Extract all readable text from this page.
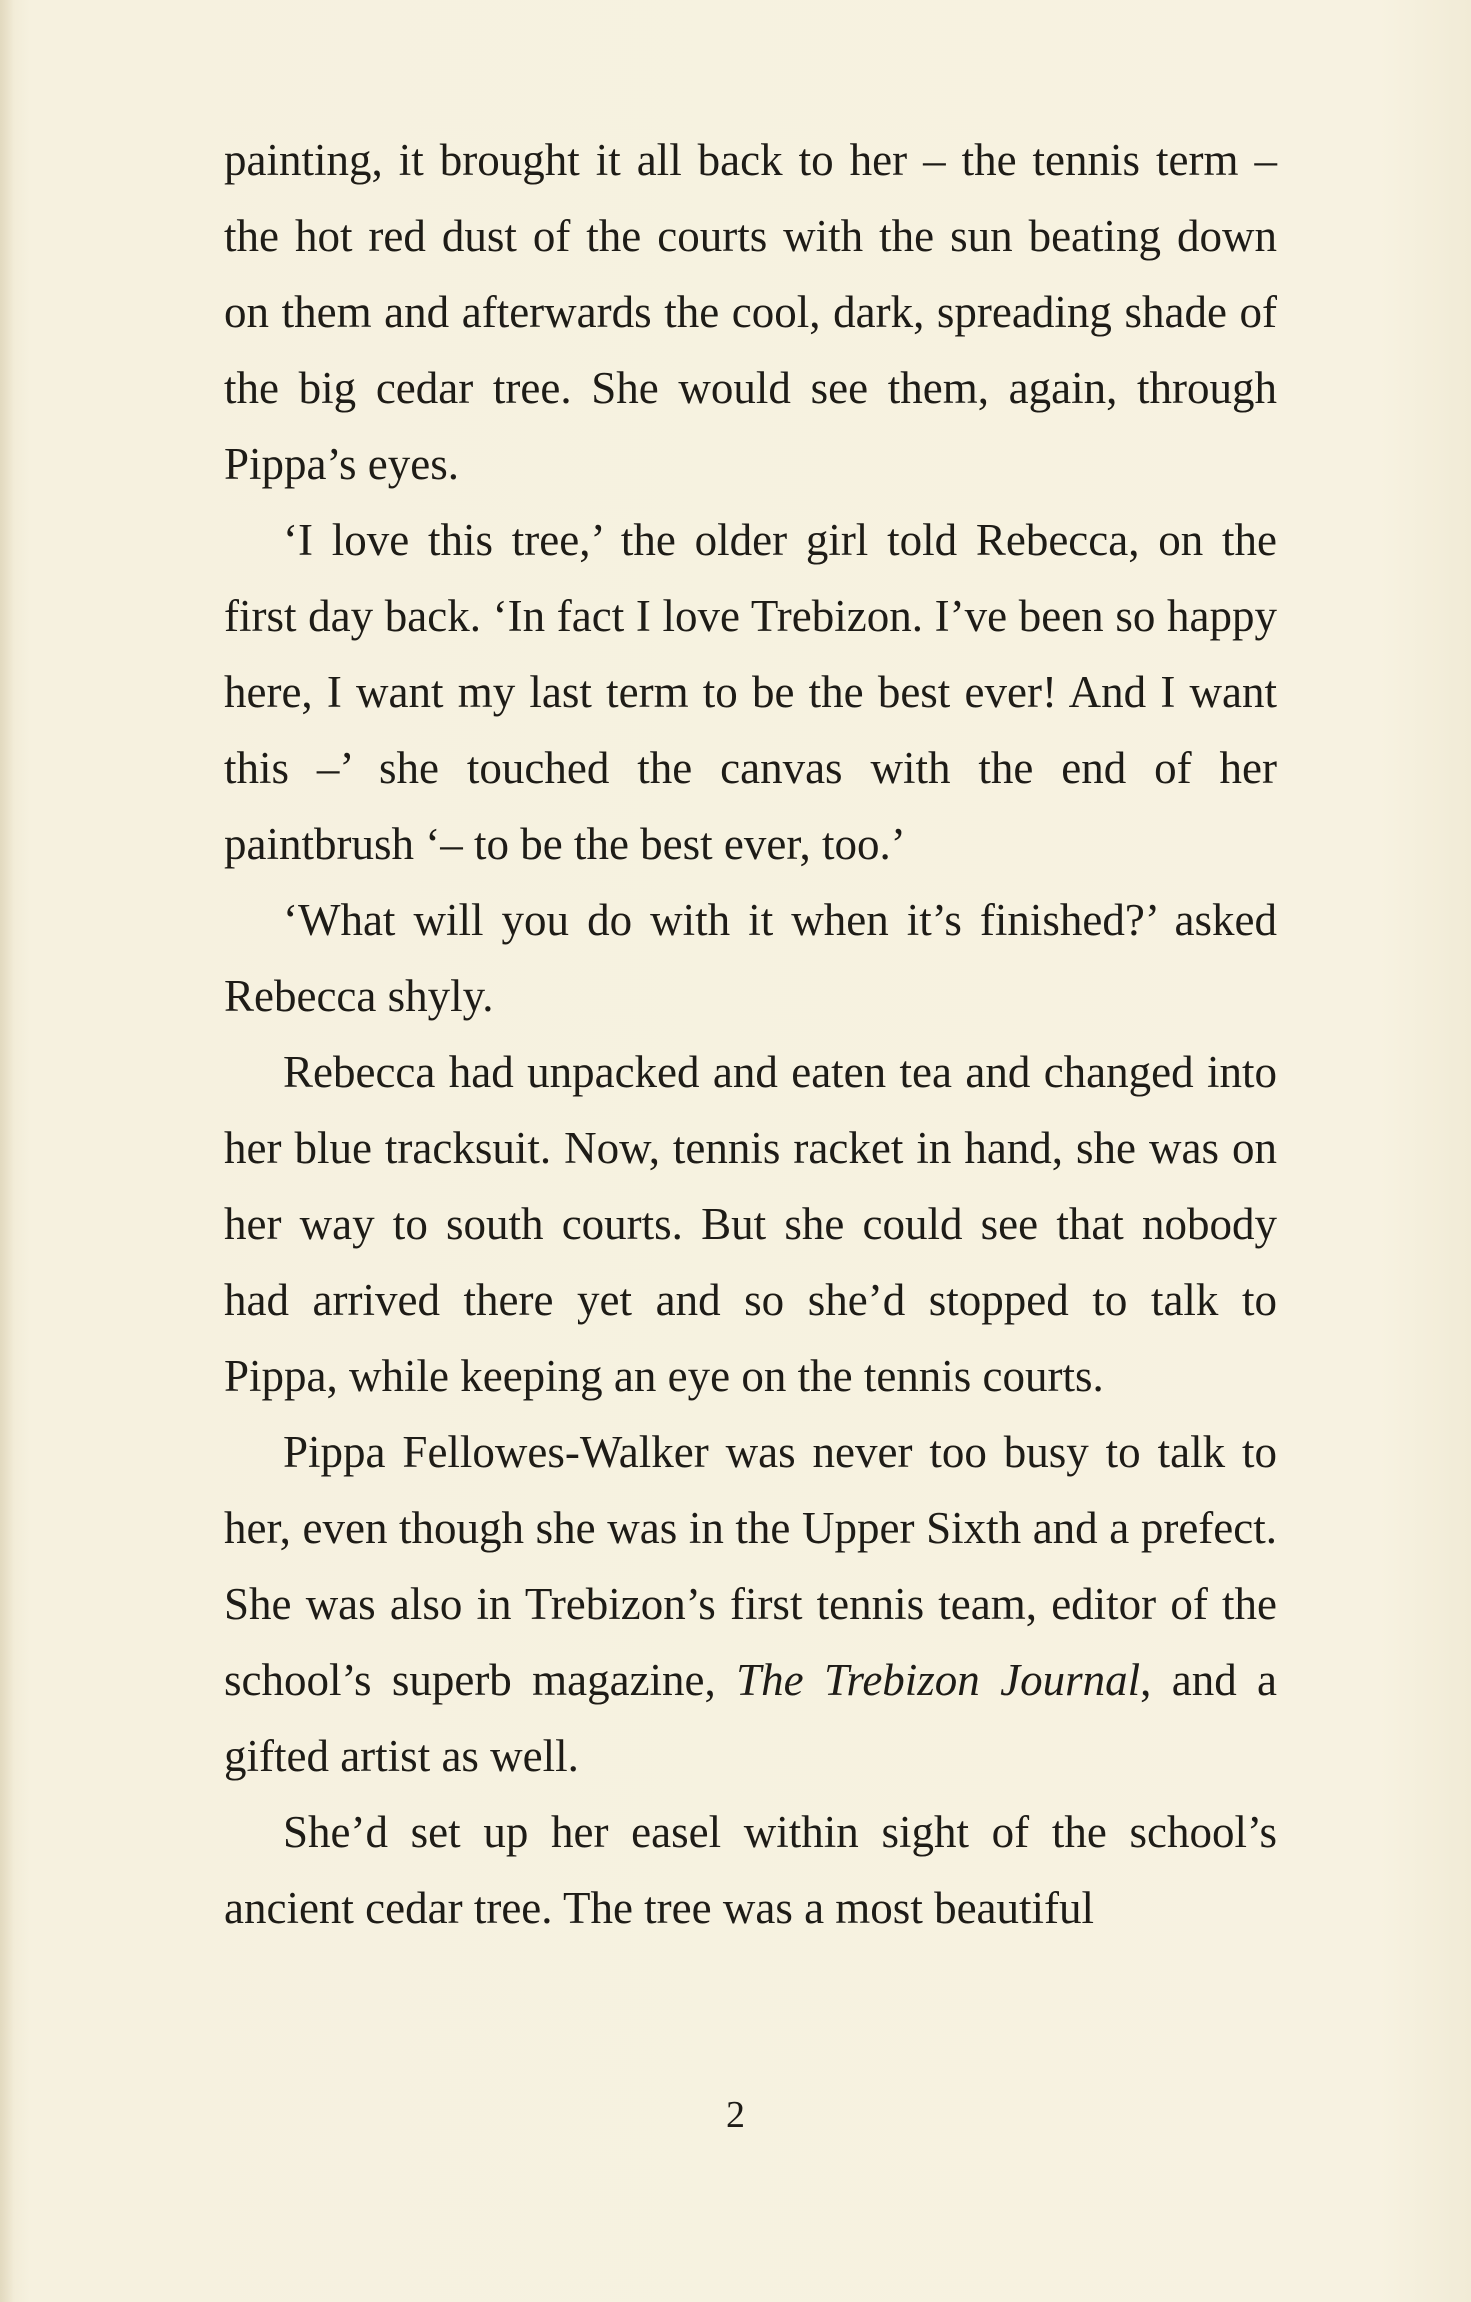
painting, it brought it all back to her – the tennis term – the hot red dust of the courts with the sun beating down on them and afterwards the cool, dark, spreading shade of the big cedar tree. She would see them, again, through Pippa’s eyes.

‘I love this tree,’ the older girl told Rebecca, on the first day back. ‘In fact I love Trebizon. I’ve been so happy here, I want my last term to be the best ever! And I want this –’ she touched the canvas with the end of her paintbrush ‘– to be the best ever, too.’

‘What will you do with it when it’s finished?’ asked Rebecca shyly.

Rebecca had unpacked and eaten tea and changed into her blue tracksuit. Now, tennis racket in hand, she was on her way to south courts. But she could see that nobody had arrived there yet and so she’d stopped to talk to Pippa, while keeping an eye on the tennis courts.

Pippa Fellowes-Walker was never too busy to talk to her, even though she was in the Upper Sixth and a prefect. She was also in Trebizon’s first tennis team, editor of the school’s superb magazine, The Trebizon Journal, and a gifted artist as well.

She’d set up her easel within sight of the school’s ancient cedar tree. The tree was a most beautiful

2
